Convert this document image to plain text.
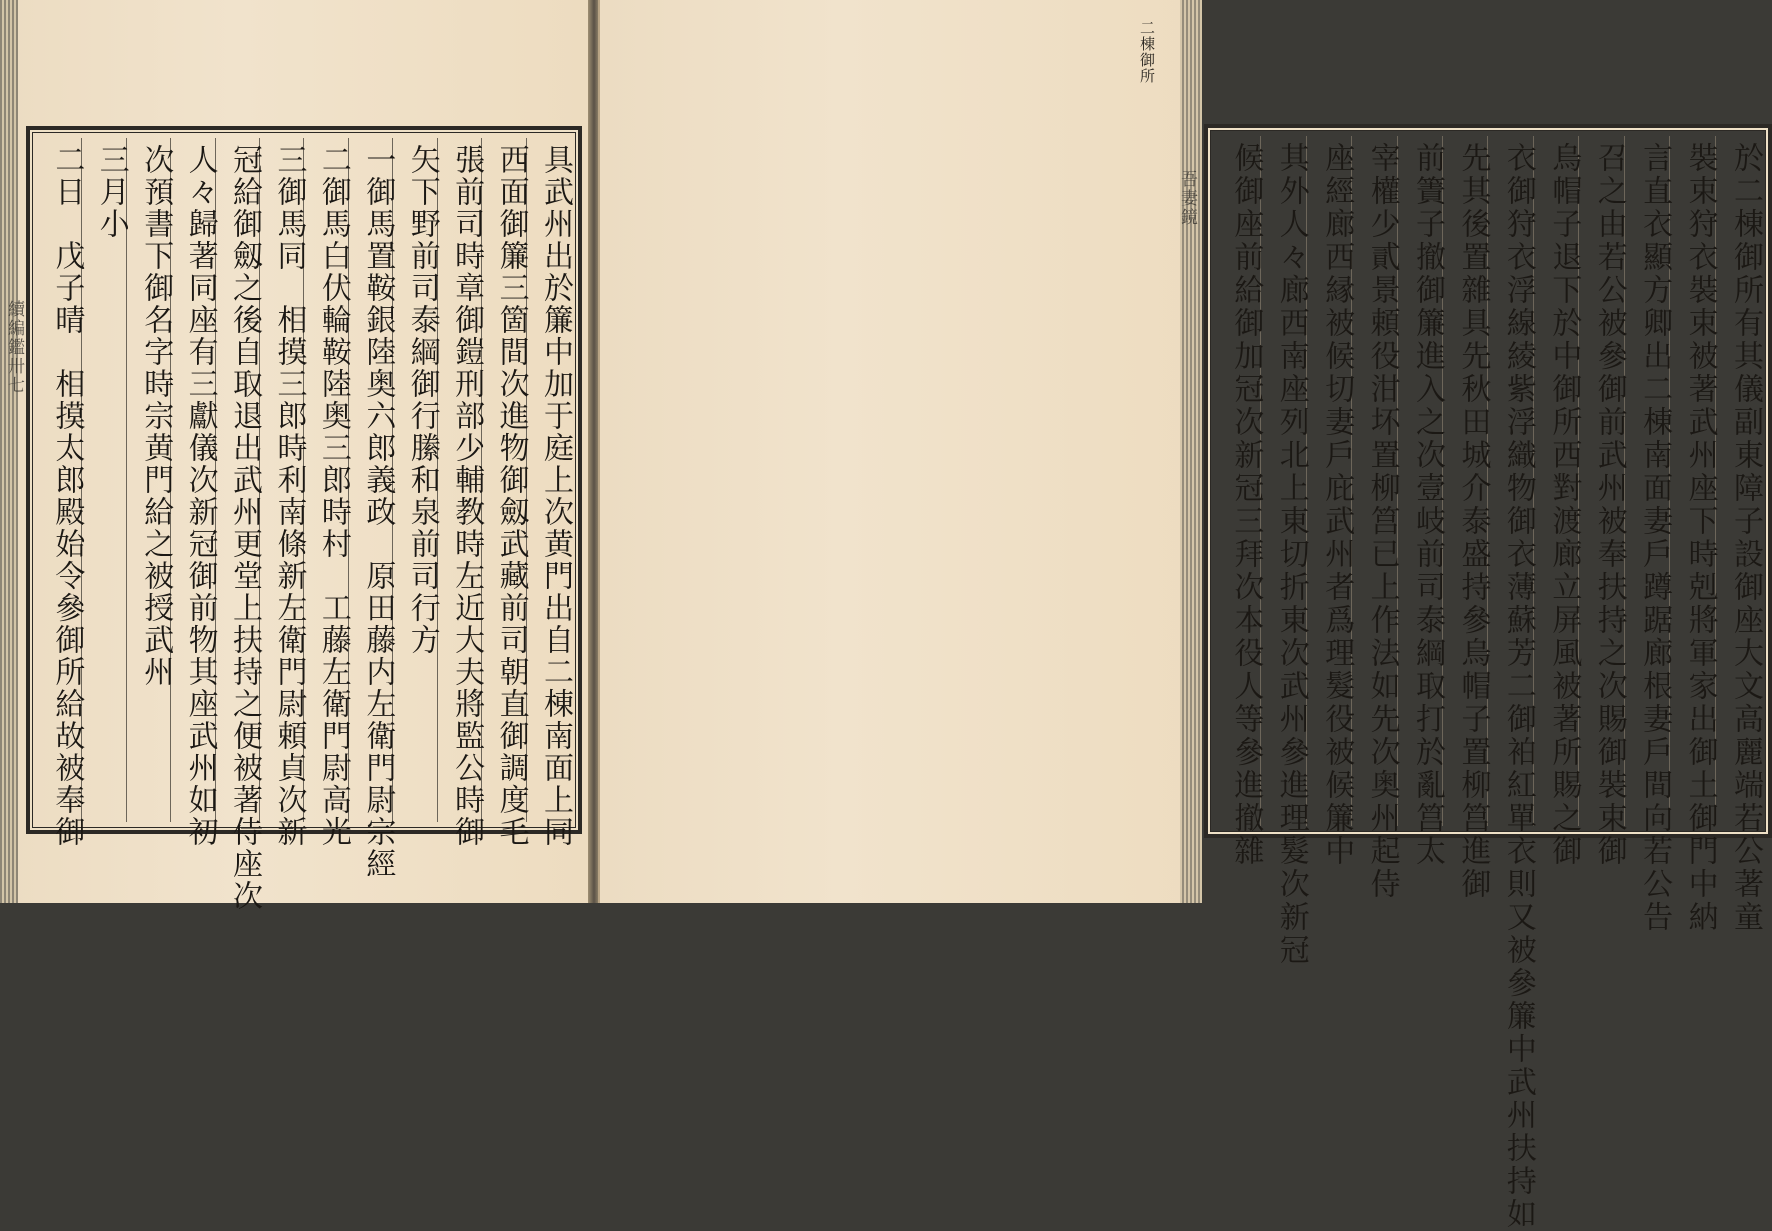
續編鑑卅七	具武州出於簾中加于庭上次黄門出自二棟南面上同
西面御簾三箇間次進物御劔武藏前司朝直御調度毛
張前司時章御鎧刑部少輔教時左近大夫將監公時御
矢下野前司泰綱御行縢和泉前司行方
一御馬置鞍銀陸奥六郎義政　原田藤内左衛門尉宗經
二御馬白伏輪鞍陸奥三郎時村　工藤左衛門尉高光
三御馬同　相摸三郎時利南條新左衛門尉頼貞次新
冠給御劔之後自取退出武州更堂上扶持之便被著侍座次
人々歸著同座有三獻儀次新冠御前物其座武州如初
次預書下御名字時宗黄門給之被授武州
三月小
二日　戊子晴　相摸太郎殿始令參御所給故被奉御	吾妻鏡
二棟御所
於二棟御所有其儀副東障子設御座大文高麗端若公著童
裝束狩衣裝束被著武州座下時剋將軍家出御土御門中納
言直衣顯方卿出二棟南面妻戶蹲踞廊根妻戶間向若公告
召之由若公被參御前武州被奉扶持之次賜御裝束御
烏帽子退下於中御所西對渡廊立屏風被著所賜之御
衣御狩衣浮線綾紫浮織物御衣薄蘇芳二御袙紅單衣則又被參簾中武州扶持如
先其後置雜具先秋田城介泰盛持參烏帽子置柳筥進御
前簀子撤御簾進入之次壹岐前司泰綱取打於亂筥太
宰權少貳景頼役泔坏置柳筥已上作法如先次奥州起侍
座經廊西縁被候切妻戶庇武州者爲理髮役被候簾中
其外人々廊西南座列北上東切折東次武州參進理髮次新冠
候御座前給御加冠次新冠三拜次本役人等參進撤雜
